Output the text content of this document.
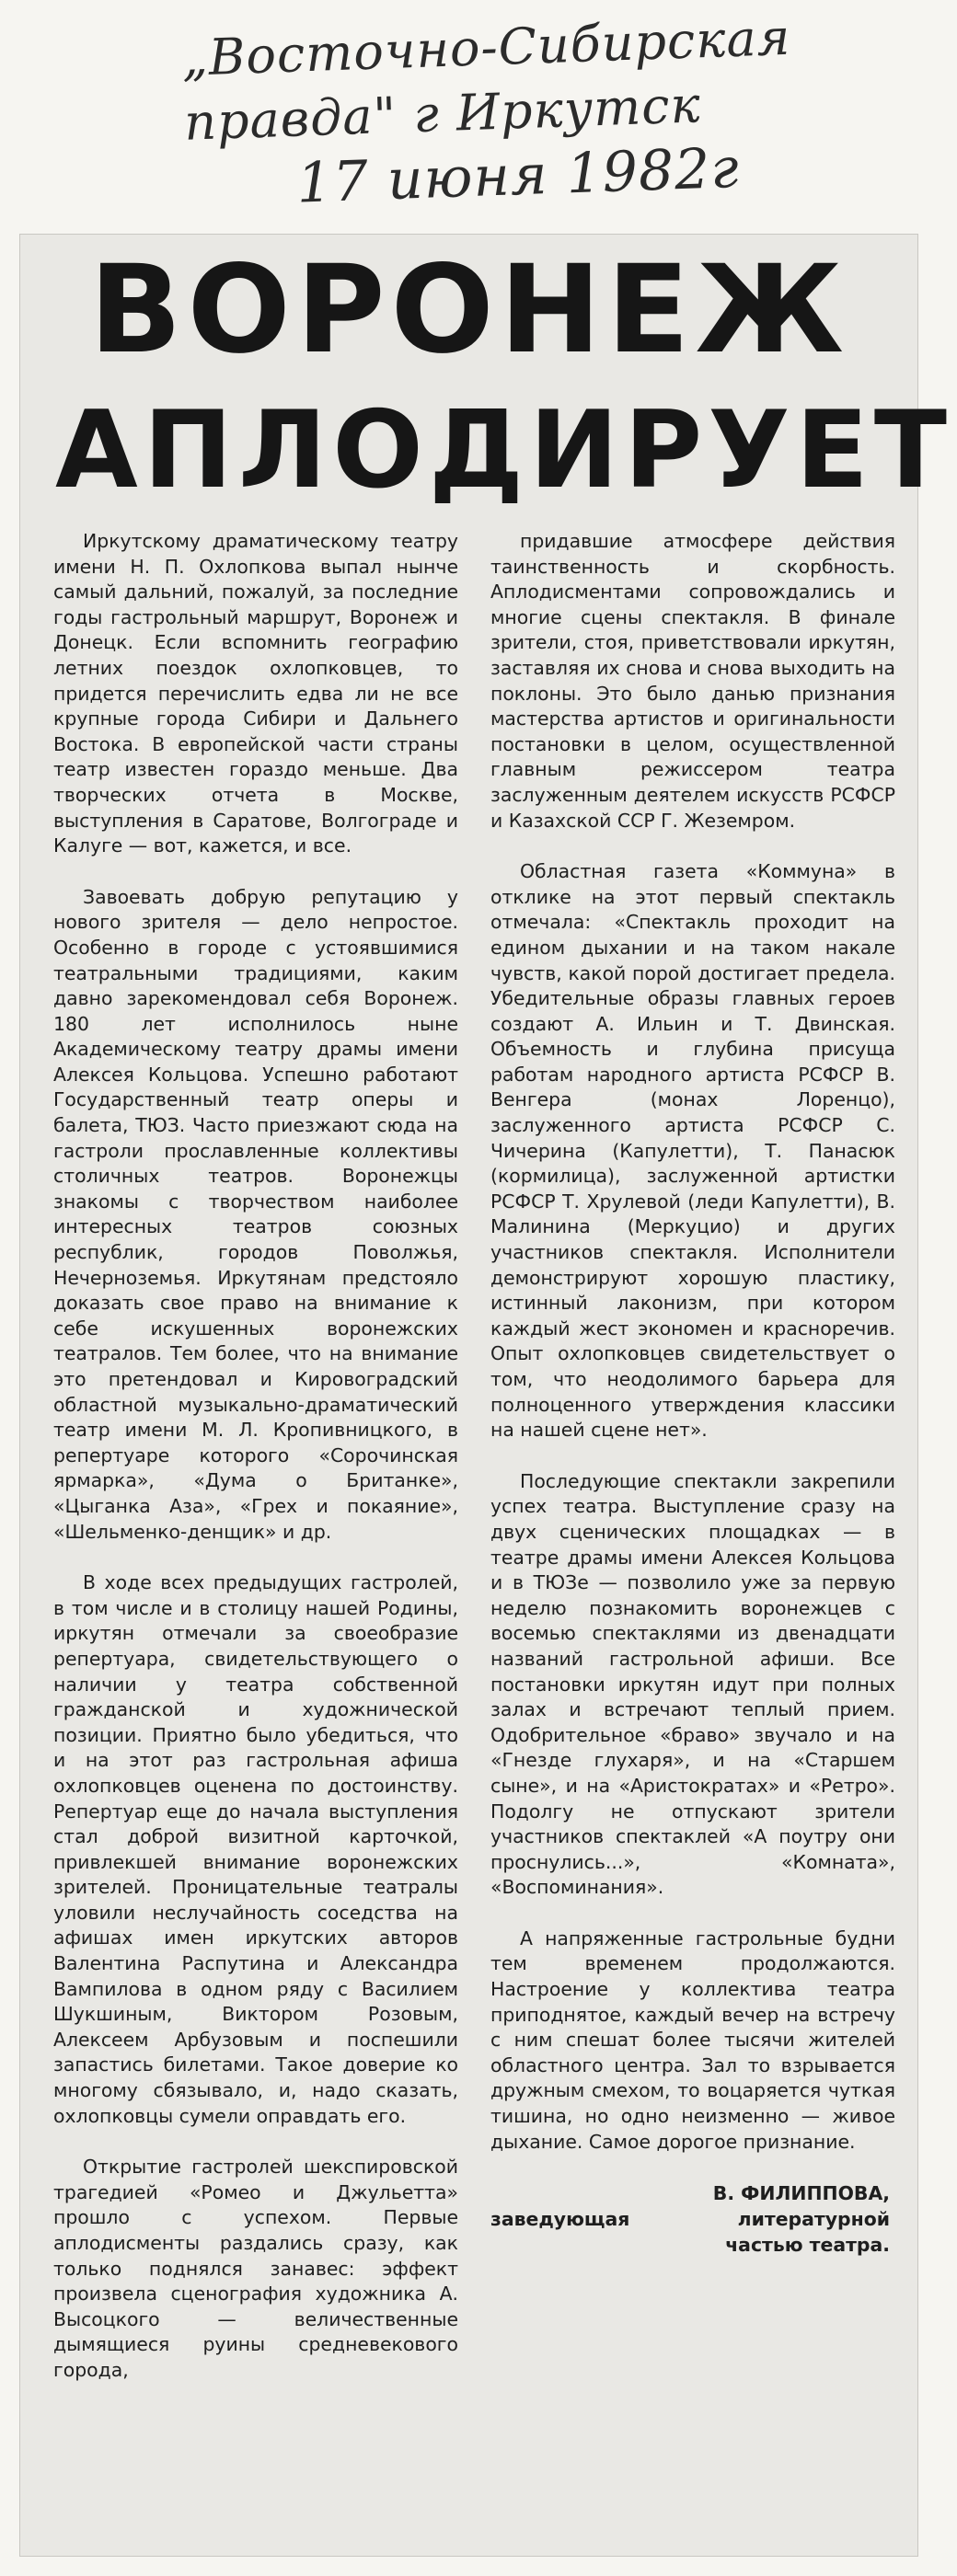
„Восточно-Сибирская
правда" г Иркутск
17 июня 1982г
ВОРОНЕЖ
АПЛОДИРУЕТ

Иркутскому драматическому театру имени Н. П. Охлопкова выпал нынче самый дальний, пожалуй, за последние годы гастрольный маршрут, Воронеж и Донецк. Если вспомнить географию летних поездок охлопковцев, то придется перечислить едва ли не все крупные города Сибири и Дальнего Востока. В европейской части страны театр известен гораздо меньше. Два творческих отчета в Москве, выступления в Саратове, Волгограде и Калуге — вот, кажется, и все.

Завоевать добрую репутацию у нового зрителя — дело непростое. Особенно в городе с устоявшимися театральными традициями, каким давно зарекомендовал себя Воронеж. 180 лет исполнилось ныне Академическому театру драмы имени Алексея Кольцова. Успешно работают Государственный театр оперы и балета, ТЮЗ. Часто приезжают сюда на гастроли прославленные коллективы столичных театров. Воронежцы знакомы с творчеством наиболее интересных театров союзных республик, городов Поволжья, Нечерноземья. Иркутянам предстояло доказать свое право на внимание к себе искушенных воронежских театралов. Тем более, что на внимание это претендовал и Кировоградский областной музыкально-драматический театр имени М. Л. Кропивницкого, в репертуаре которого «Сорочинская ярмарка», «Дума о Британке», «Цыганка Аза», «Грех и покаяние», «Шельменко-денщик» и др.

В ходе всех предыдущих гастролей, в том числе и в столицу нашей Родины, иркутян отмечали за своеобразие репертуара, свидетельствующего о наличии у театра собственной гражданской и художнической позиции. Приятно было убедиться, что и на этот раз гастрольная афиша охлопковцев оценена по достоинству. Репертуар еще до начала выступления стал доброй визитной карточкой, привлекшей внимание воронежских зрителей. Проницательные театралы уловили неслучайность соседства на афишах имен иркутских авторов Валентина Распутина и Александра Вампилова в одном ряду с Василием Шукшиным, Виктором Розовым, Алексеем Арбузовым и поспешили запастись билетами. Такое доверие ко многому сбязывало, и, надо сказать, охлопковцы сумели оправдать его.

Открытие гастролей шекспировской трагедией «Ромео и Джульетта» прошло с успехом. Первые аплодисменты раздались сразу, как только поднялся занавес: эффект произвела сценография художника А. Высоцкого — величественные дымящиеся руины средневекового города,

придавшие атмосфере действия таинственность и скорбность. Аплодисментами сопровождались и многие сцены спектакля. В финале зрители, стоя, приветствовали иркутян, заставляя их снова и снова выходить на поклоны. Это было данью признания мастерства артистов и оригинальности постановки в целом, осуществленной главным режиссером театра заслуженным деятелем искусств РСФСР и Казахской ССР Г. Жеземром.

Областная газета «Коммуна» в отклике на этот первый спектакль отмечала: «Спектакль проходит на едином дыхании и на таком накале чувств, какой порой достигает предела. Убедительные образы главных героев создают А. Ильин и Т. Двинская. Объемность и глубина присуща работам народного артиста РСФСР В. Венгера (монах Лоренцо), заслуженного артиста РСФСР С. Чичерина (Капулетти), Т. Панасюк (кормилица), заслуженной артистки РСФСР Т. Хрулевой (леди Капулетти), В. Малинина (Меркуцио) и других участников спектакля. Исполнители демонстрируют хорошую пластику, истинный лаконизм, при котором каждый жест экономен и красноречив. Опыт охлопковцев свидетельствует о том, что неодолимого барьера для полноценного утверждения классики на нашей сцене нет».

Последующие спектакли закрепили успех театра. Выступление сразу на двух сценических площадках — в театре драмы имени Алексея Кольцова и в ТЮЗе — позволило уже за первую неделю познакомить воронежцев с восемью спектаклями из двенадцати названий гастрольной афиши. Все постановки иркутян идут при полных залах и встречают теплый прием. Одобрительное «браво» звучало и на «Гнезде глухаря», и на «Старшем сыне», и на «Аристократах» и «Ретро». Подолгу не отпускают зрители участников спектаклей «А поутру они проснулись...», «Комната», «Воспоминания».

А напряженные гастрольные будни тем временем продолжаются. Настроение у коллектива театра приподнятое, каждый вечер на встречу с ним спешат более тысячи жителей областного центра. Зал то взрывается дружным смехом, то воцаряется чуткая тишина, но одно неизменно — живое дыхание. Самое дорогое признание.

В. ФИЛИППОВА,
заведующая	литературной
частью театра.
